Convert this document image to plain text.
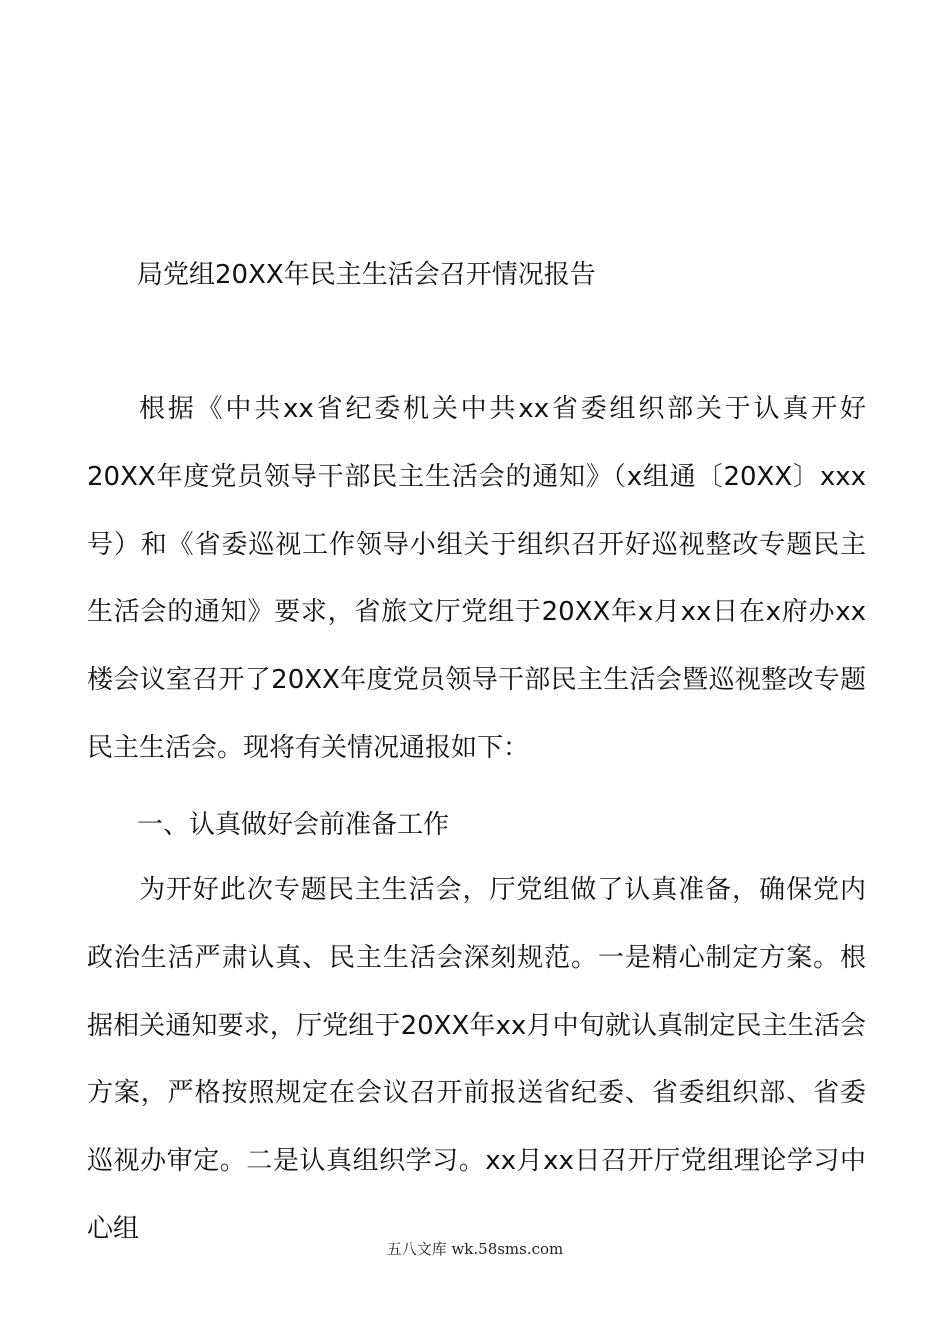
局党组20XX年民主生活会召开情况报告

根据《中共xx省纪委机关中共xx省委组织部关于认真开好20XX年度党员领导干部民主生活会的通知》（x组通〔20XX〕xxx号）和《省委巡视工作领导小组关于组织召开好巡视整改专题民主生活会的通知》要求，省旅文厅党组于20XX年x月xx日在x府办xx楼会议室召开了20XX年度党员领导干部民主生活会暨巡视整改专题民主生活会。现将有关情况通报如下：

一、认真做好会前准备工作

为开好此次专题民主生活会，厅党组做了认真准备，确保党内政治生活严肃认真、民主生活会深刻规范。一是精心制定方案。根据相关通知要求，厅党组于20XX年xx月中旬就认真制定民主生活会方案，严格按照规定在会议召开前报送省纪委、省委组织部、省委巡视办审定。二是认真组织学习。xx月xx日召开厅党组理论学习中心组

五八文库 wk.58sms.com
